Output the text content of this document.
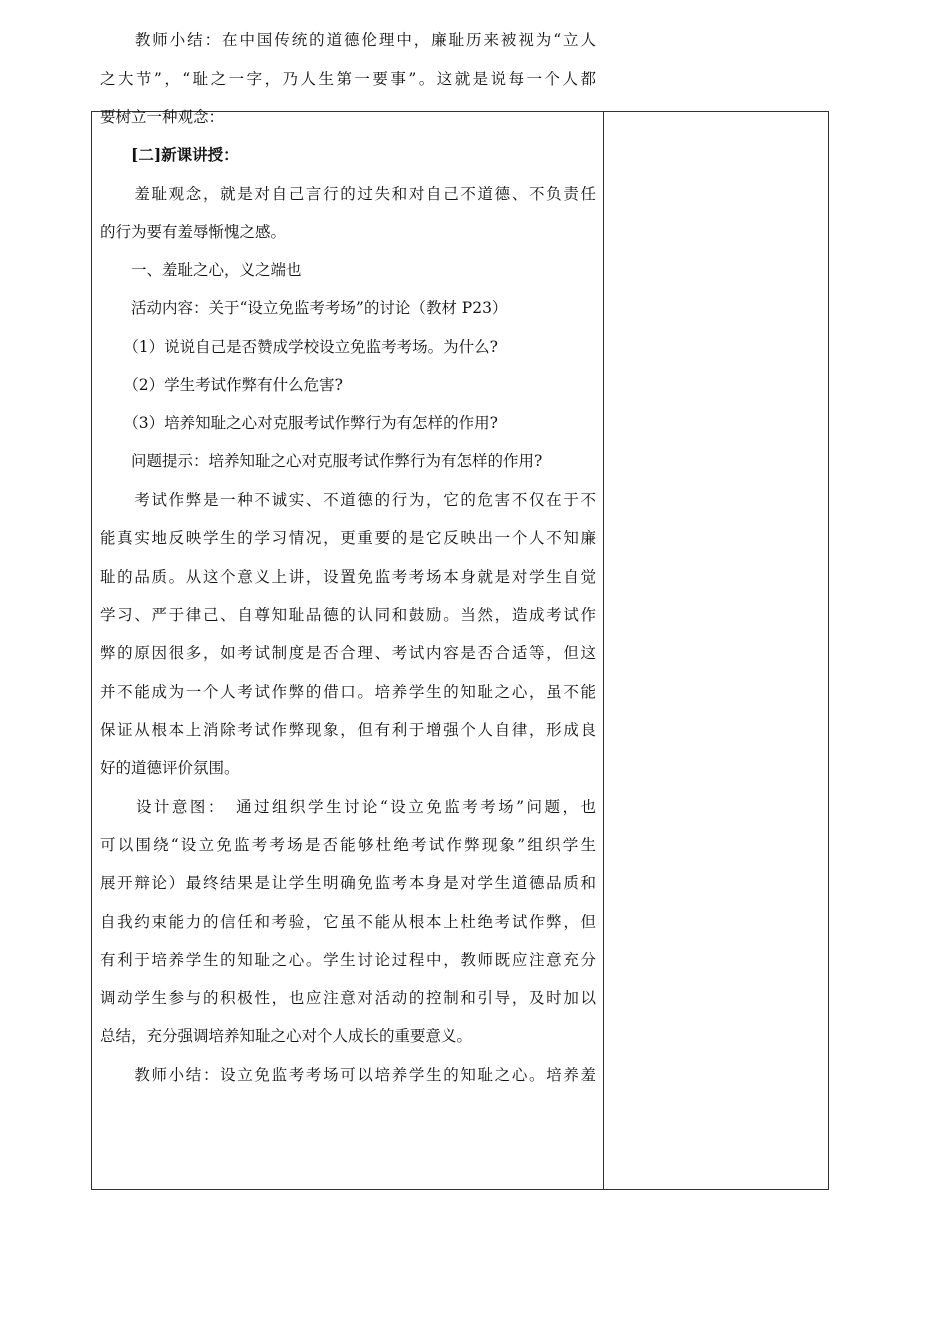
　　教师小结：在中国传统的道德伦理中，廉耻历来被视为“立人
之大节”，“耻之一字，乃人生第一要事”。这就是说每一个人都
要树立一种观念：
　　[二]新课讲授：
　　羞耻观念，就是对自己言行的过失和对自己不道德、不负责任
的行为要有羞辱惭愧之感。
　　一、羞耻之心，义之端也
　　活动内容：关于“设立免监考考场”的讨论（教材 P23）
　　（1）说说自己是否赞成学校设立免监考考场。为什么?
　　（2）学生考试作弊有什么危害?
　　（3）培养知耻之心对克服考试作弊行为有怎样的作用?
　　问题提示：培养知耻之心对克服考试作弊行为有怎样的作用?
　　考试作弊是一种不诚实、不道德的行为，它的危害不仅在于不
能真实地反映学生的学习情况，更重要的是它反映出一个人不知廉
耻的品质。从这个意义上讲，设置免监考考场本身就是对学生自觉
学习、严于律己、自尊知耻品德的认同和鼓励。当然，造成考试作
弊的原因很多，如考试制度是否合理、考试内容是否合适等，但这
并不能成为一个人考试作弊的借口。培养学生的知耻之心，虽不能
保证从根本上消除考试作弊现象，但有利于增强个人自律，形成良
好的道德评价氛围。
　　设计意图：　通过组织学生讨论“设立免监考考场”问题，也
可以围绕“设立免监考考场是否能够杜绝考试作弊现象”组织学生
展开辩论）最终结果是让学生明确免监考本身是对学生道德品质和
自我约束能力的信任和考验，它虽不能从根本上杜绝考试作弊，但
有利于培养学生的知耻之心。学生讨论过程中，教师既应注意充分
调动学生参与的积极性，也应注意对活动的控制和引导，及时加以
总结，充分强调培养知耻之心对个人成长的重要意义。
　　教师小结：设立免监考考场可以培养学生的知耻之心。培养羞
